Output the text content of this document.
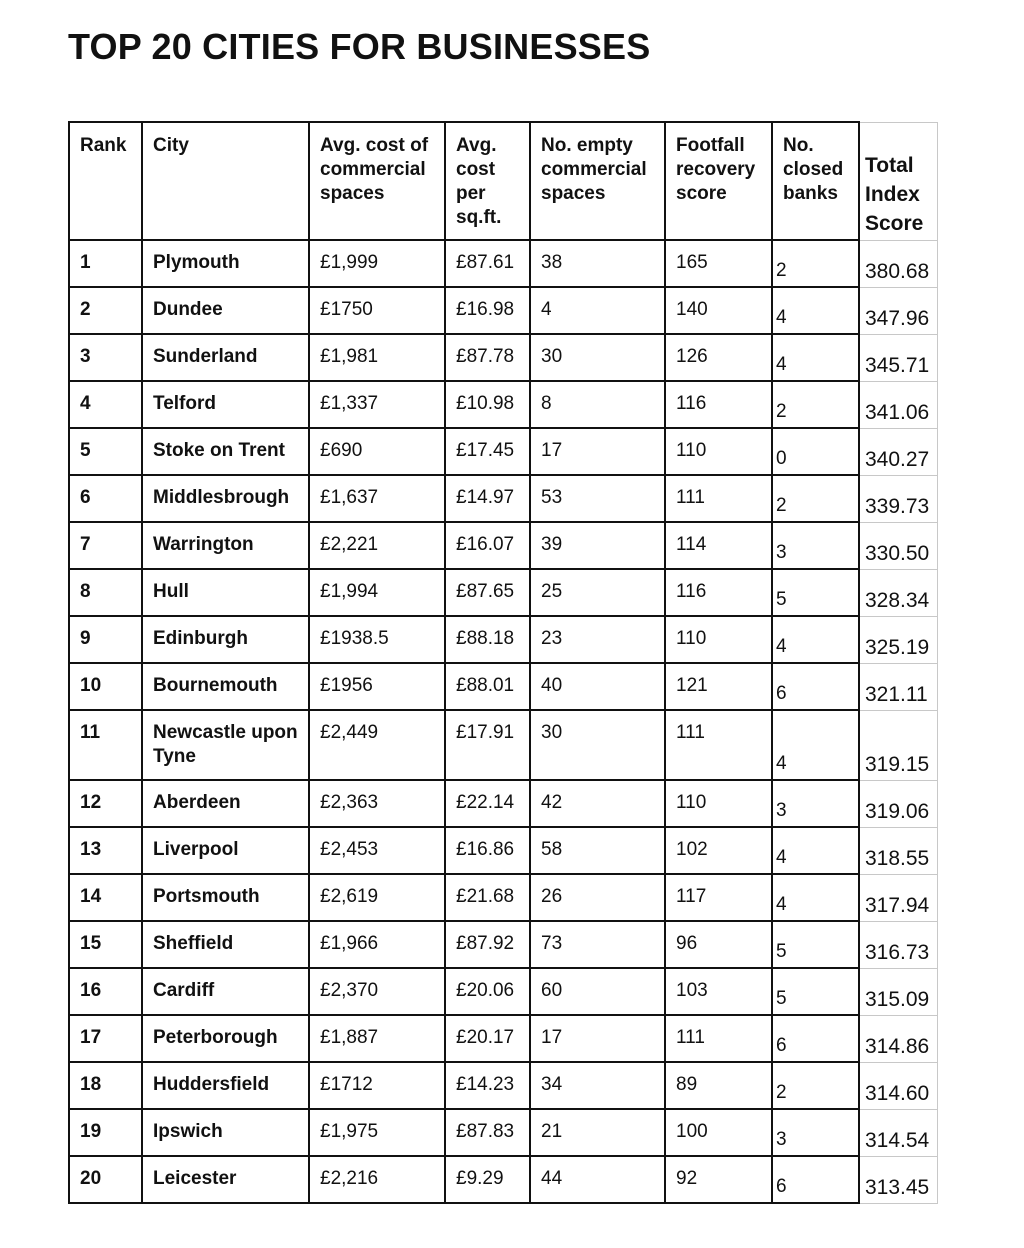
TOP 20 CITIES FOR BUSINESSES
Rank	City	Avg. cost of commercial spaces	Avg. cost per sq.ft.	No. empty commercial spaces	Footfall recovery score	No. closed banks	Total Index Score
1	Plymouth	£1,999	£87.61	38	165	2	380.68
2	Dundee	£1750	£16.98	4	140	4	347.96
3	Sunderland	£1,981	£87.78	30	126	4	345.71
4	Telford	£1,337	£10.98	8	116	2	341.06
5	Stoke on Trent	£690	£17.45	17	110	0	340.27
6	Middlesbrough	£1,637	£14.97	53	111	2	339.73
7	Warrington	£2,221	£16.07	39	114	3	330.50
8	Hull	£1,994	£87.65	25	116	5	328.34
9	Edinburgh	£1938.5	£88.18	23	110	4	325.19
10	Bournemouth	£1956	£88.01	40	121	6	321.11
11	Newcastle upon Tyne	£2,449	£17.91	30	111	4	319.15
12	Aberdeen	£2,363	£22.14	42	110	3	319.06
13	Liverpool	£2,453	£16.86	58	102	4	318.55
14	Portsmouth	£2,619	£21.68	26	117	4	317.94
15	Sheffield	£1,966	£87.92	73	96	5	316.73
16	Cardiff	£2,370	£20.06	60	103	5	315.09
17	Peterborough	£1,887	£20.17	17	111	6	314.86
18	Huddersfield	£1712	£14.23	34	89	2	314.60
19	Ipswich	£1,975	£87.83	21	100	3	314.54
20	Leicester	£2,216	£9.29	44	92	6	313.45
